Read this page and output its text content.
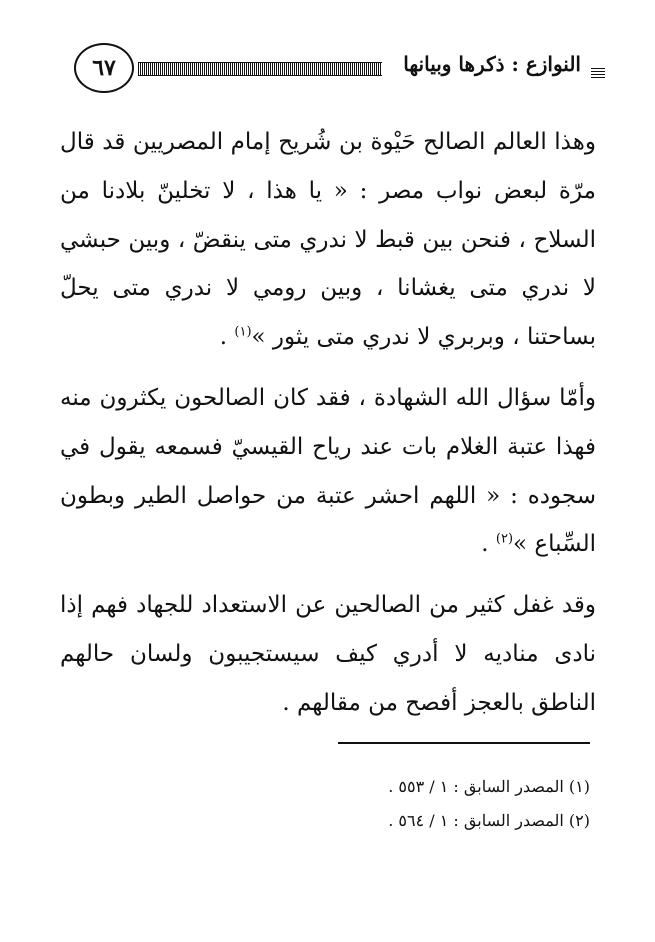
٦٧	النوازع : ذكرها وبيانها

وهذا العالم الصالح حَيْوة بن شُريح إمام المصريين قد قال مرّة لبعض نواب مصر : « يا هذا ، لا تخلينّ بلادنا من السلاح ، فنحن بين قبط لا ندري متى ينقضّ ، وبين حبشي لا ندري متى يغشانا ، وبين رومي لا ندري متى يحلّ بساحتنا ، وبربري لا ندري متى يثور »$^{(١)}$ .

وأمّا سؤال الله الشهادة ، فقد كان الصالحون يكثرون منه فهذا عتبة الغلام بات عند رياح القيسيّ فسمعه يقول في سجوده : « اللهم احشر عتبة من حواصل الطير وبطون السِّباع »$^{(٢)}$ .

وقد غفل كثير من الصالحين عن الاستعداد للجهاد فهم إذا نادى مناديه لا أدري كيف سيستجيبون ولسان حالهم الناطق بالعجز أفصح من مقالهم .

(١) المصدر السابق : ١ / ٥٥٣ .

(٢) المصدر السابق : ١ / ٥٦٤ .
